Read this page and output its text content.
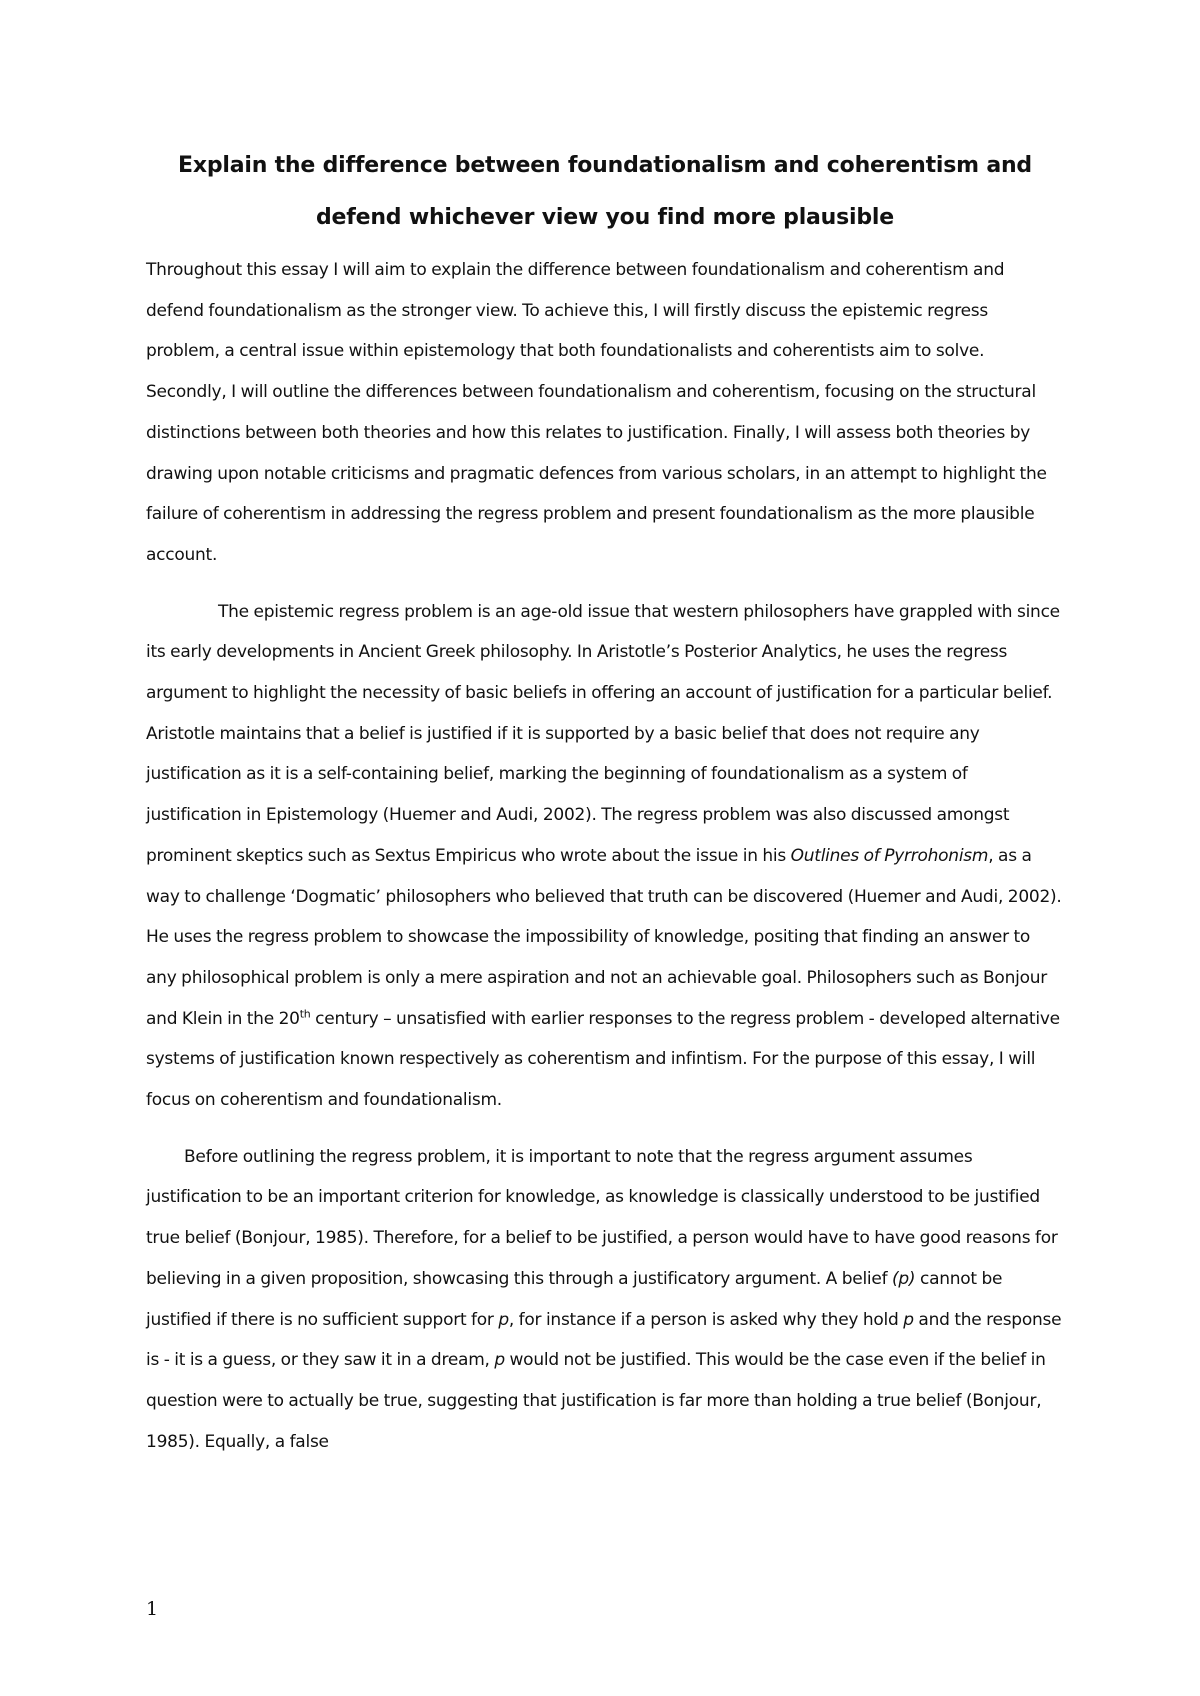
Explain the difference between foundationalism and coherentism and defend whichever view you find more plausible

Throughout this essay I will aim to explain the difference between foundationalism and coherentism and defend foundationalism as the stronger view. To achieve this, I will firstly discuss the epistemic regress problem, a central issue within epistemology that both foundationalists and coherentists aim to solve. Secondly, I will outline the differences between foundationalism and coherentism, focusing on the structural distinctions between both theories and how this relates to justification. Finally, I will assess both theories by drawing upon notable criticisms and pragmatic defences from various scholars, in an attempt to highlight the failure of coherentism in addressing the regress problem and present foundationalism as the more plausible account.

The epistemic regress problem is an age-old issue that western philosophers have grappled with since its early developments in Ancient Greek philosophy. In Aristotle’s Posterior Analytics, he uses the regress argument to highlight the necessity of basic beliefs in offering an account of justification for a particular belief. Aristotle maintains that a belief is justified if it is supported by a basic belief that does not require any justification as it is a self-containing belief, marking the beginning of foundationalism as a system of justification in Epistemology (Huemer and Audi, 2002). The regress problem was also discussed amongst prominent skeptics such as Sextus Empiricus who wrote about the issue in his Outlines of Pyrrohonism, as a way to challenge ‘Dogmatic’ philosophers who believed that truth can be discovered (Huemer and Audi, 2002). He uses the regress problem to showcase the impossibility of knowledge, positing that finding an answer to any philosophical problem is only a mere aspiration and not an achievable goal. Philosophers such as Bonjour and Klein in the 20th century – unsatisfied with earlier responses to the regress problem - developed alternative systems of justification known respectively as coherentism and infintism. For the purpose of this essay, I will focus on coherentism and foundationalism.

Before outlining the regress problem, it is important to note that the regress argument assumes justification to be an important criterion for knowledge, as knowledge is classically understood to be justified true belief (Bonjour, 1985). Therefore, for a belief to be justified, a person would have to have good reasons for believing in a given proposition, showcasing this through a justificatory argument. A belief (p) cannot be justified if there is no sufficient support for p, for instance if a person is asked why they hold p and the response is - it is a guess, or they saw it in a dream, p would not be justified. This would be the case even if the belief in question were to actually be true, suggesting that justification is far more than holding a true belief (Bonjour, 1985). Equally, a false

1
